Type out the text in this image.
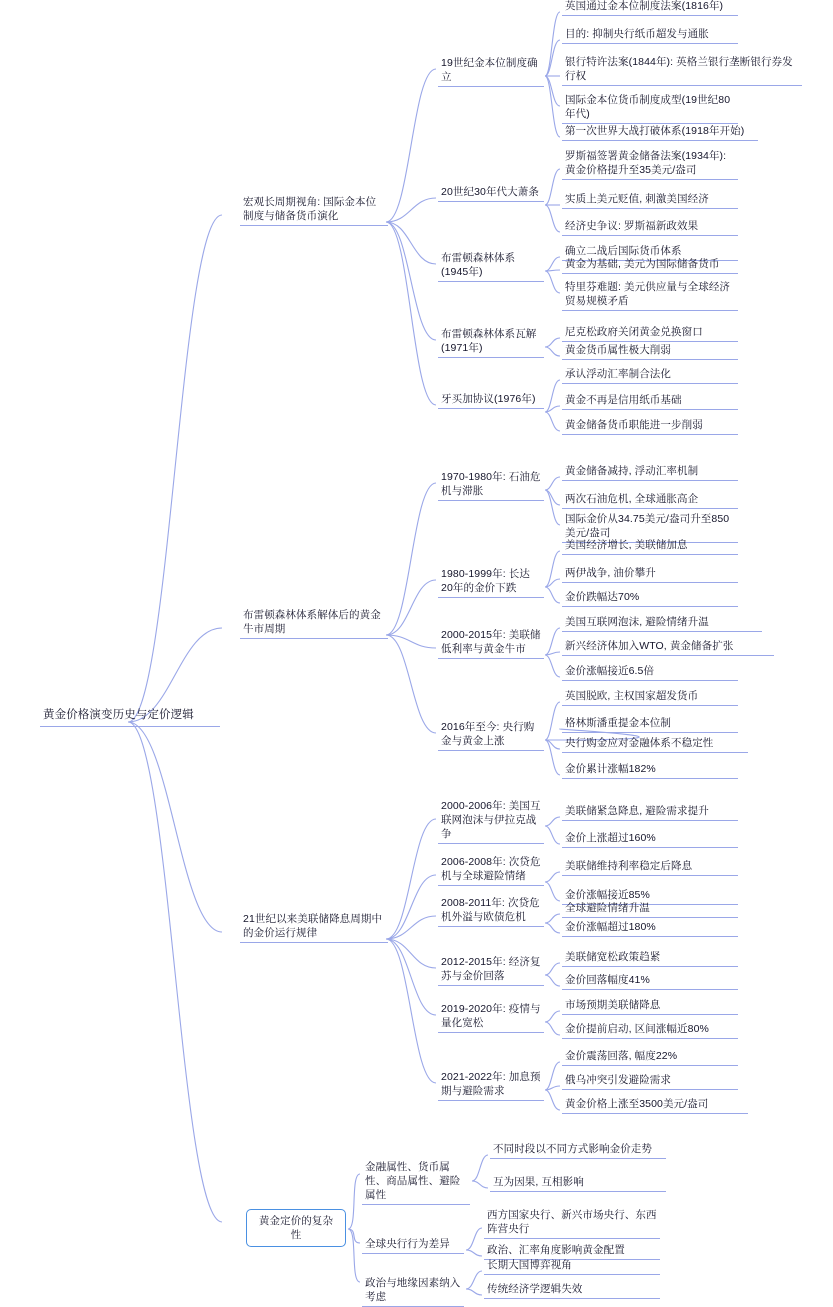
黄金价格演变历史与定价逻辑
宏观长周期视角: 国际金本位制度与储备货币演化
布雷顿森林体系解体后的黄金牛市周期
21世纪以来美联储降息周期中的金价运行规律
黄金定价的复杂性
19世纪金本位制度确立
20世纪30年代大萧条
布雷顿森林体系(1945年)
布雷顿森林体系瓦解(1971年)
牙买加协议(1976年)
英国通过金本位制度法案(1816年)
目的: 抑制央行纸币超发与通胀
银行特许法案(1844年): 英格兰银行垄断银行券发行权
国际金本位货币制度成型(19世纪80年代)
第一次世界大战打破体系(1918年开始)
罗斯福签署黄金储备法案(1934年): 黄金价格提升至35美元/盎司
实质上美元贬值, 刺激美国经济
经济史争议: 罗斯福新政效果
确立二战后国际货币体系
黄金为基础, 美元为国际储备货币
特里芬难题: 美元供应量与全球经济贸易规模矛盾
尼克松政府关闭黄金兑换窗口
黄金货币属性极大削弱
承认浮动汇率制合法化
黄金不再是信用纸币基础
黄金储备货币职能进一步削弱
1970-1980年: 石油危机与滞胀
1980-1999年: 长达20年的金价下跌
2000-2015年: 美联储低利率与黄金牛市
2016年至今: 央行购金与黄金上涨
黄金储备减持, 浮动汇率机制
两次石油危机, 全球通胀高企
国际金价从34.75美元/盎司升至850美元/盎司
美国经济增长, 美联储加息
两伊战争, 油价攀升
金价跌幅达70%
美国互联网泡沫, 避险情绪升温
新兴经济体加入WTO, 黄金储备扩张
金价涨幅接近6.5倍
英国脱欧, 主权国家超发货币
格林斯潘重提金本位制
央行购金应对金融体系不稳定性
金价累计涨幅182%
2000-2006年: 美国互联网泡沫与伊拉克战争
2006-2008年: 次贷危机与全球避险情绪
2008-2011年: 次贷危机外溢与欧债危机
2012-2015年: 经济复苏与金价回落
2019-2020年: 疫情与量化宽松
2021-2022年: 加息预期与避险需求
美联储紧急降息, 避险需求提升
金价上涨超过160%
美联储维持利率稳定后降息
金价涨幅接近85%
全球避险情绪升温
金价涨幅超过180%
美联储宽松政策趋紧
金价回落幅度41%
市场预期美联储降息
金价提前启动, 区间涨幅近80%
金价震荡回落, 幅度22%
俄乌冲突引发避险需求
黄金价格上涨至3500美元/盎司
金融属性、货币属性、商品属性、避险属性
全球央行行为差异
政治与地缘因素纳入考虑
不同时段以不同方式影响金价走势
互为因果, 互相影响
西方国家央行、新兴市场央行、东西阵营央行
政治、汇率角度影响黄金配置
长期大国博弈视角
传统经济学逻辑失效
